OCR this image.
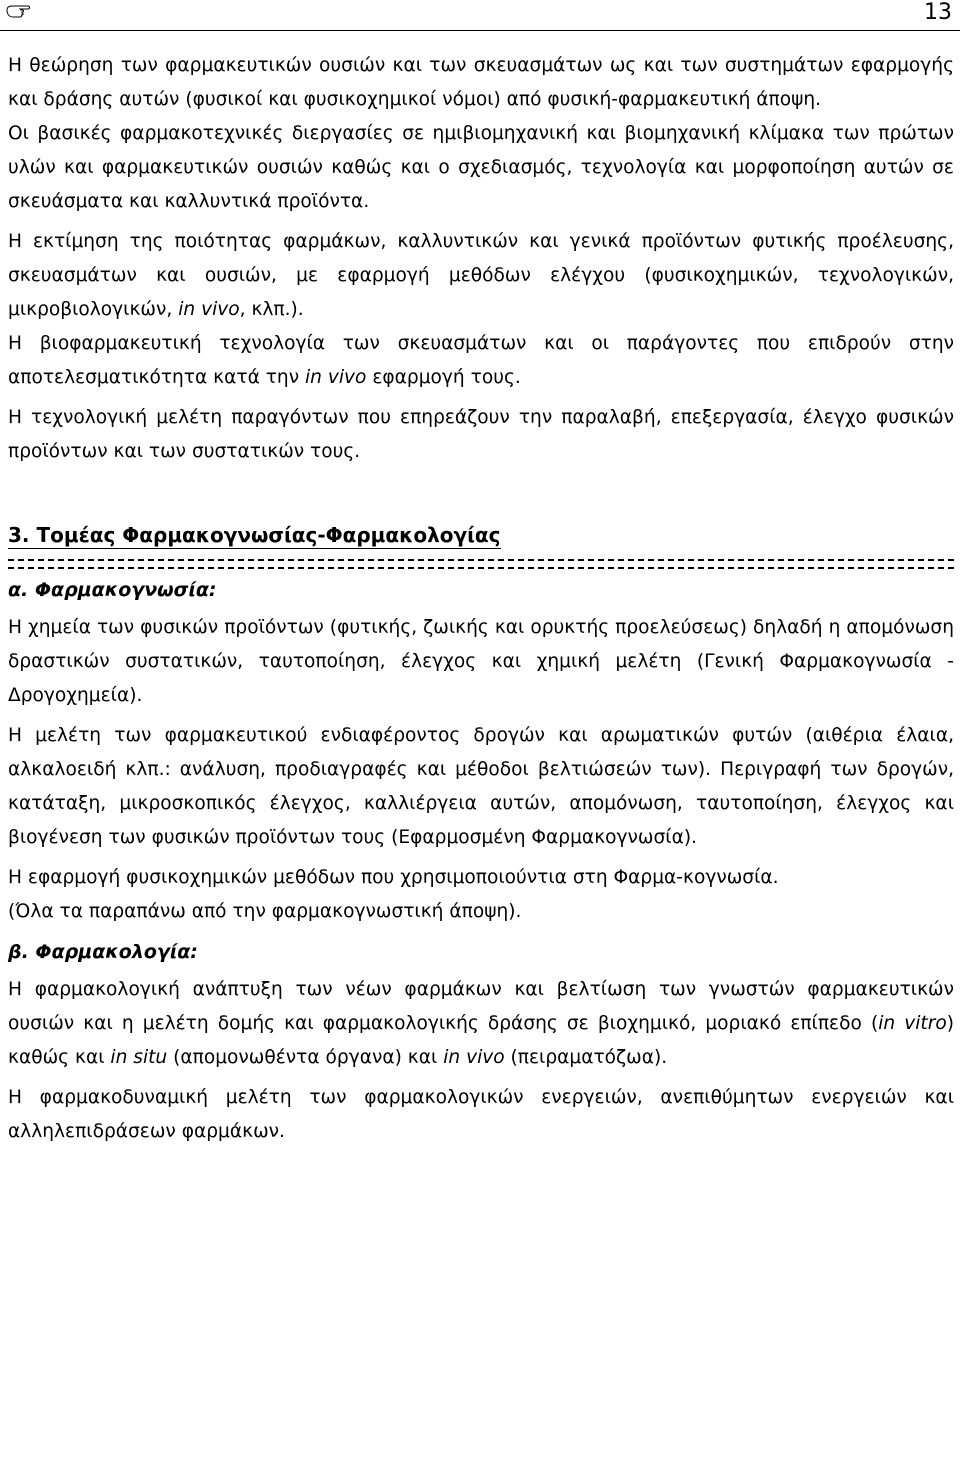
13

Η θεώρηση των φαρμακευτικών ουσιών και των σκευασμάτων ως και των συστημάτων εφαρμογής και δράσης αυτών (φυσικοί και φυσικοχημικοί νόμοι) από φυσική-φαρμακευτική άποψη.

Οι βασικές φαρμακοτεχνικές διεργασίες σε ημιβιομηχανική και βιομηχανική κλίμακα των πρώτων υλών και φαρμακευτικών ουσιών καθώς και ο σχεδιασμός, τεχνολογία και μορφοποίηση αυτών σε σκευάσματα και καλλυντικά προϊόντα.

Η εκτίμηση της ποιότητας φαρμάκων, καλλυντικών και γενικά προϊόντων φυτικής προέλευσης, σκευασμάτων και ουσιών, με εφαρμογή μεθόδων ελέγχου (φυσικοχημικών, τεχνολογικών, μικροβιολογικών, in vivo, κλπ.).

Η βιοφαρμακευτική τεχνολογία των σκευασμάτων και οι παράγοντες που επιδρούν στην αποτελεσματικότητα κατά την in vivo εφαρμογή τους.

Η τεχνολογική μελέτη παραγόντων που επηρεάζουν την παραλαβή, επεξεργασία, έλεγχο φυσικών προϊόντων και των συστατικών τους.

3. Τομέας Φαρμακογνωσίας-Φαρμακολογίας
α. Φαρμακογνωσία:

Η χημεία των φυσικών προϊόντων (φυτικής, ζωικής και ορυκτής προελεύσεως) δηλαδή η απομόνωση δραστικών συστατικών, ταυτοποίηση, έλεγχος και χημική μελέτη (Γενική Φαρμακογνωσία - Δρογοχημεία).

Η μελέτη των φαρμακευτικού ενδιαφέροντος δρογών και αρωματικών φυτών (αιθέρια έλαια, αλκαλοειδή κλπ.: ανάλυση, προδιαγραφές και μέθοδοι βελτιώσεών των). Περιγραφή των δρογών, κατάταξη, μικροσκοπικός έλεγχος, καλλιέργεια αυτών, απομόνωση, ταυτοποίηση, έλεγχος και βιογένεση των φυσικών προϊόντων τους (Εφαρμοσμένη Φαρμακογνωσία).

Η εφαρμογή φυσικοχημικών μεθόδων που χρησιμοποιούντια στη Φαρμα-κογνωσία.

(Όλα τα παραπάνω από την φαρμακογνωστική άποψη).

β. Φαρμακολογία:

Η φαρμακολογική ανάπτυξη των νέων φαρμάκων και βελτίωση των γνωστών φαρμακευτικών ουσιών και η μελέτη δομής και φαρμακολογικής δράσης σε βιοχημικό, μοριακό επίπεδο (in vitro) καθώς και in situ (απομονωθέντα όργανα) και in vivo (πειραματόζωα).

Η φαρμακοδυναμική μελέτη των φαρμακολογικών ενεργειών, ανεπιθύμητων ενεργειών και αλληλεπιδράσεων φαρμάκων.
